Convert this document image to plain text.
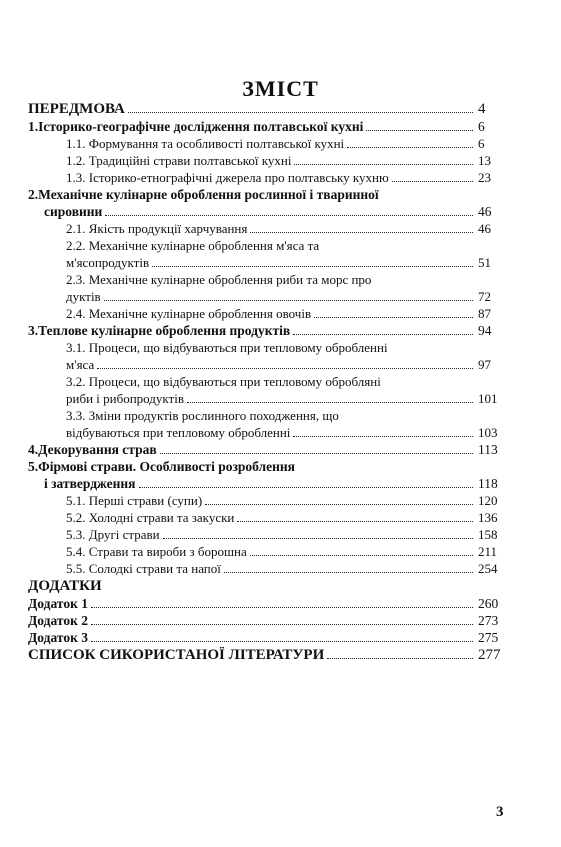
ЗМІСТ
ПЕРЕДМОВА	4
1.Історико-географічне дослідження полтавської кухні	6
1.1. Формування та особливості полтавської кухні	6
1.2. Традиційні страви полтавської кухні	13
1.3. Історико-етнографічні джерела про полтавську кухню	23
2.Механічне кулінарне оброблення рослинної і тваринної
сировини	46
2.1. Якість продукції харчування	46
2.2. Механічне кулінарне оброблення м'яса та
м'ясопродуктів	51
2.3. Механічне кулінарне оброблення риби та морс про
дуктів	72
2.4. Механічне кулінарне оброблення овочів	87
3.Теплове кулінарне оброблення продуктів	94
3.1. Процеси, що відбуваються при тепловому обробленні
м'яса	97
3.2. Процеси, що відбуваються при тепловому обробляні
риби і рибопродуктів	101
3.3. Зміни продуктів рослинного походження, що
відбуваються при тепловому обробленні	103
4.Декорування страв	113
5.Фірмові страви. Особливості розроблення
і затвердження	118
5.1. Перші страви (супи)	120
5.2. Холодні страви та закуски	136
5.3. Другі страви	158
5.4. Страви та вироби з борошна	211
5.5. Солодкі страви та напої	254
ДОДАТКИ
Додаток 1	260
Додаток 2	273
Додаток 3	275
СПИСОК СИКОРИСТАНОЇ ЛІТЕРАТУРИ	277
3
